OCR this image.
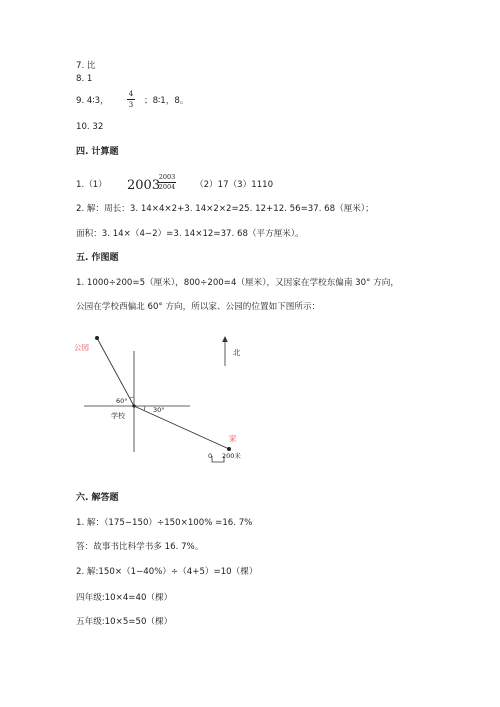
7. 比
8. 1
9. 4∶3，
4
3 ；8∶1，8。
10. 32
四. 计算题
1.（1） 2003
2003
2004 （2）17（3）1110
2. 解：周长：3. 14×4×2+3. 14×2×2=25. 12+12. 56=37. 68（厘米）；
面积：3. 14×（4−2）=3. 14×12=37. 68（平方厘米）。
五. 作图题
1. 1000÷200=5（厘米），800÷200=4（厘米），又因家在学校东偏南 30° 方向，
公园在学校西偏北 60° 方向，所以家、公园的位置如下图所示：
公园
学校
家
60°
30°
北
0 200米
六. 解答题
1. 解：（175−150）÷150×100% =16. 7%
答：故事书比科学书多 16. 7%。
2. 解:150×（1−40%）÷（4+5）=10（棵）
四年级:10×4=40（棵）
五年级:10×5=50（棵）
